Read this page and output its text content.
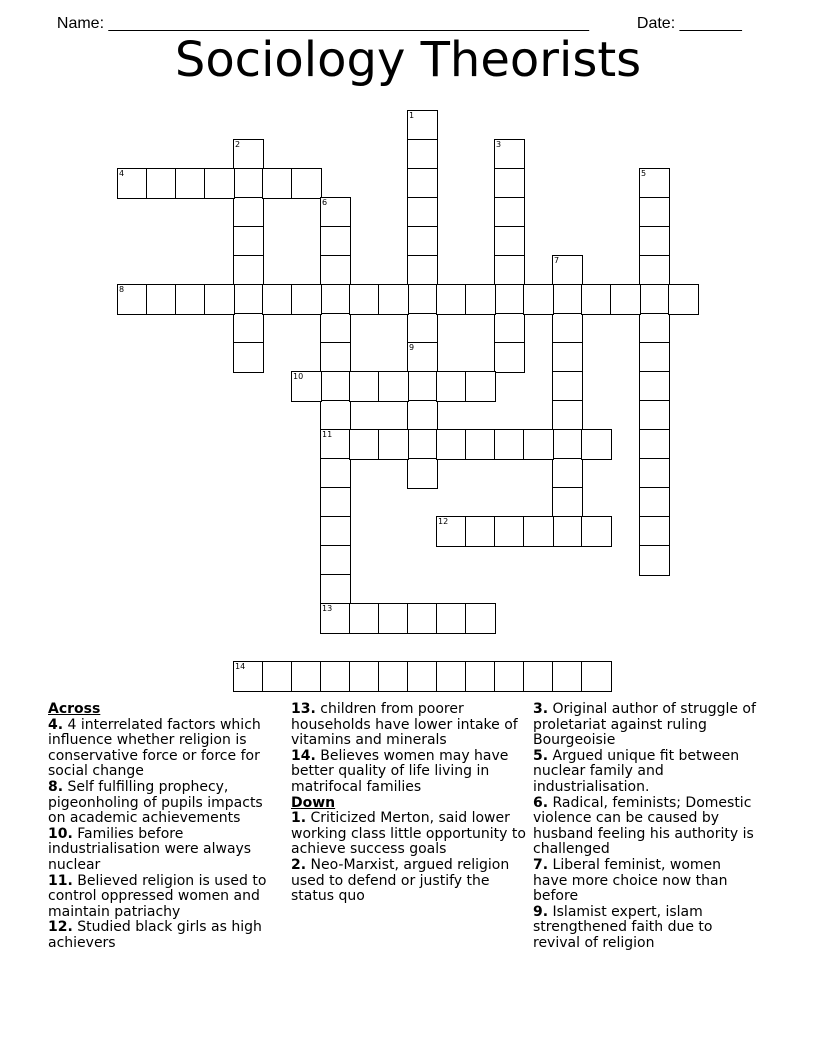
Name: ______________________________________________________	Date: _______

Sociology Theorists
1
9
2	3
4	5
6
11
13
7
8
10
12
14
Across
4. 4 interrelated factors which influence whether religion is conservative force or force for social change
8. Self fulfilling prophecy, pigeonholing of pupils impacts on academic achievements
10. Families before industrialisation were always nuclear
11. Believed religion is used to control oppressed women and maintain patriachy
12. Studied black girls as high achievers
13. children from poorer households have lower intake of vitamins and minerals
14. Believes women may have better quality of life living in matrifocal families
Down
1. Criticized Merton, said lower working class little opportunity to achieve success goals
2. Neo-Marxist, argued religion used to defend or justify the status quo
3. Original author of struggle of proletariat against ruling Bourgeoisie
5. Argued unique fit between nuclear family and industrialisation.
6. Radical, feminists; Domestic violence can be caused by husband feeling his authority is challenged
7. Liberal feminist, women have more choice now than before
9. Islamist expert, islam strengthened faith due to revival of religion
